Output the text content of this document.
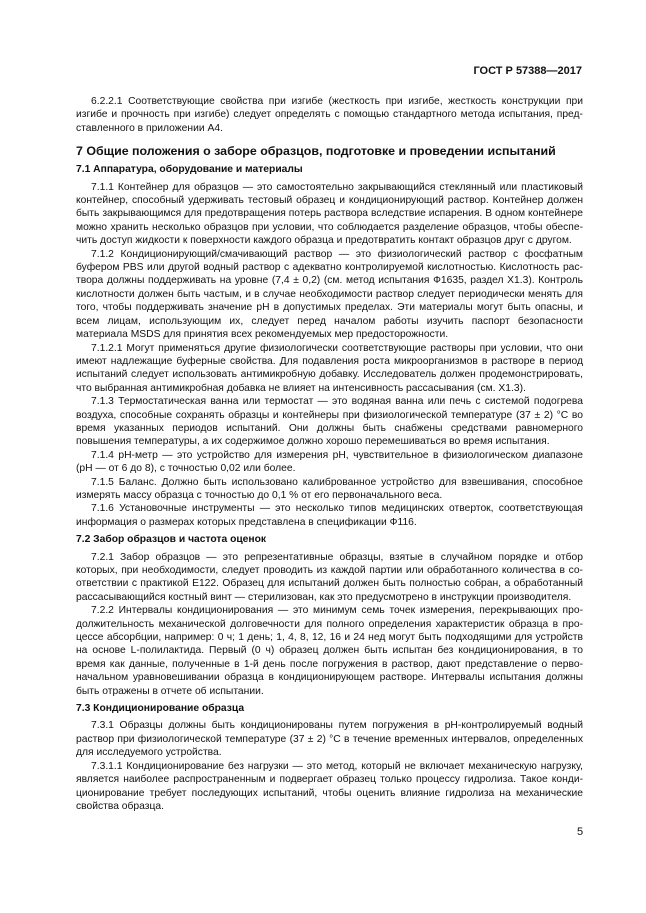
ГОСТ Р 57388—2017

6.2.2.1 Соответствующие свойства при изгибе (жесткость при изгибе, жесткость конструкции при изгибе и прочность при изгибе) следует определять с помощью стандартного метода испытания, пред-ставленного в приложении А4.

7 Общие положения о заборе образцов, подготовке и проведении испытаний
7.1 Аппаратура, оборудование и материалы

7.1.1 Контейнер для образцов — это самостоятельно закрывающийся стеклянный или пластиковый контейнер, способный удерживать тестовый образец и кондиционирующий раствор. Контейнер должен быть закрывающимся для предотвращения потерь раствора вследствие испарения. В одном контейнере можно хранить несколько образцов при условии, что соблюдается разделение образцов, чтобы обеспе-чить доступ жидкости к поверхности каждого образца и предотвратить контакт образцов друг с другом.

7.1.2 Кондиционирующий/смачивающий раствор — это физиологический раствор с фосфатным буфером PBS или другой водный раствор с адекватно контролируемой кислотностью. Кислотность рас-твора должны поддерживать на уровне (7,4 ± 0,2) (см. метод испытания Ф1635, раздел X1.3). Контроль кислотности должен быть частым, и в случае необходимости раствор следует периодически менять для того, чтобы поддерживать значение pH в допустимых пределах. Эти материалы могут быть опасны, и всем лицам, использующим их, следует перед началом работы изучить паспорт безопасности материала MSDS для принятия всех рекомендуемых мер предосторожности.

7.1.2.1 Могут применяться другие физиологически соответствующие растворы при условии, что они имеют надлежащие буферные свойства. Для подавления роста микроорганизмов в растворе в период испытаний следует использовать антимикробную добавку. Исследователь должен продемонстрировать, что выбранная антимикробная добавка не влияет на интенсивность рассасывания (см. X1.3).

7.1.3 Термостатическая ванна или термостат — это водяная ванна или печь с системой подогрева воздуха, способные сохранять образцы и контейнеры при физиологической температуре (37 ± 2) °С во время указанных периодов испытаний. Они должны быть снабжены средствами равномерного повышения температуры, а их содержимое должно хорошо перемешиваться во время испытания.

7.1.4 pH-метр — это устройство для измерения pH, чувствительное в физиологическом диапазоне (pH — от 6 до 8), с точностью 0,02 или более.

7.1.5 Баланс. Должно быть использовано калиброванное устройство для взвешивания, способное измерять массу образца с точностью до 0,1 % от его первоначального веса.

7.1.6 Установочные инструменты — это несколько типов медицинских отверток, соответствующая информация о размерах которых представлена в спецификации Ф116.

7.2 Забор образцов и частота оценок

7.2.1 Забор образцов — это репрезентативные образцы, взятые в случайном порядке и отбор которых, при необходимости, следует проводить из каждой партии или обработанного количества в со-ответствии с практикой Е122. Образец для испытаний должен быть полностью собран, а обработанный рассасывающийся костный винт — стерилизован, как это предусмотрено в инструкции производителя.

7.2.2 Интервалы кондиционирования — это минимум семь точек измерения, перекрывающих про-должительность механической долговечности для полного определения характеристик образца в про-цессе абсорбции, например: 0 ч; 1 день; 1, 4, 8, 12, 16 и 24 нед могут быть подходящими для устройств на основе L-полилактида. Первый (0 ч) образец должен быть испытан без кондиционирования, в то время как данные, полученные в 1-й день после погружения в раствор, дают представление о перво-начальном уравновешивании образца в кондиционирующем растворе. Интервалы испытания должны быть отражены в отчете об испытании.

7.3 Кондиционирование образца

7.3.1 Образцы должны быть кондиционированы путем погружения в pH-контролируемый водный раствор при физиологической температуре (37 ± 2) °С в течение временных интервалов, определенных для исследуемого устройства.

7.3.1.1 Кондиционирование без нагрузки — это метод, который не включает механическую нагрузку, является наиболее распространенным и подвергает образец только процессу гидролиза. Такое конди-ционирование требует последующих испытаний, чтобы оценить влияние гидролиза на механические свойства образца.

5
